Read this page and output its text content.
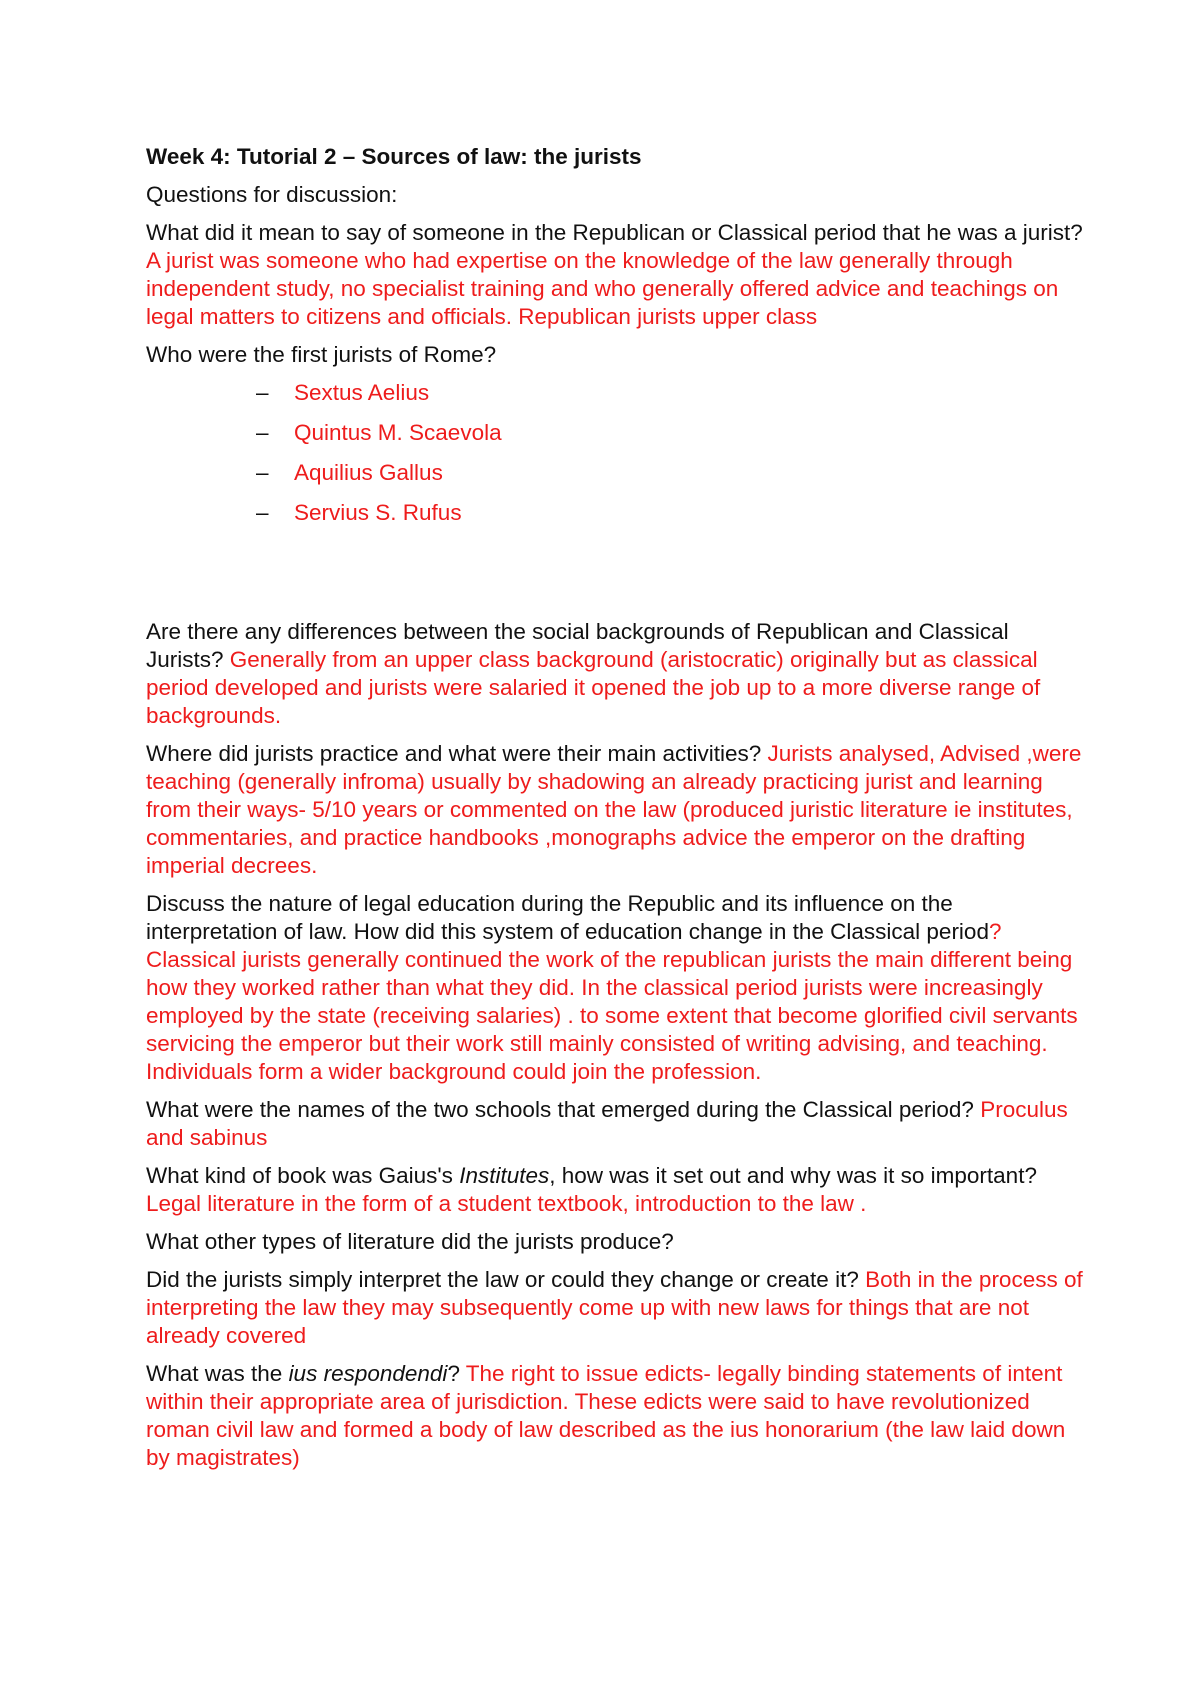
Week 4: Tutorial 2 – Sources of law: the jurists

Questions for discussion:

What did it mean to say of someone in the Republican or Classical period that he was a jurist? A jurist was someone who had expertise on the knowledge of the law generally through independent study, no specialist training and who generally offered advice and teachings on legal matters to citizens and officials. Republican jurists upper class

Who were the first jurists of Rome?

–	Sextus Aelius
–	Quintus M. Scaevola
–	Aquilius Gallus
–	Servius S. Rufus

Are there any differences between the social backgrounds of Republican and Classical Jurists? Generally from an upper class background (aristocratic) originally but as classical period developed and jurists were salaried it opened the job up to a more diverse range of backgrounds.

Where did jurists practice and what were their main activities? Jurists analysed, Advised ,were teaching (generally infroma) usually by shadowing an already practicing jurist and learning from their ways- 5/10 years or commented on the law (produced juristic literature ie institutes, commentaries, and practice handbooks ,monographs advice the emperor on the drafting imperial decrees.

Discuss the nature of legal education during the Republic and its influence on the interpretation of law. How did this system of education change in the Classical period? Classical jurists generally continued the work of the republican jurists the main different being how they worked rather than what they did. In the classical period jurists were increasingly employed by the state (receiving salaries) . to some extent that become glorified civil servants servicing the emperor but their work still mainly consisted of writing advising, and teaching. Individuals form a wider background could join the profession.

What were the names of the two schools that emerged during the Classical period? Proculus and sabinus

What kind of book was Gaius's Institutes, how was it set out and why was it so important? Legal literature in the form of a student textbook, introduction to the law .

What other types of literature did the jurists produce?

Did the jurists simply interpret the law or could they change or create it? Both in the process of interpreting the law they may subsequently come up with new laws for things that are not already covered

What was the ius respondendi? The right to issue edicts- legally binding statements of intent within their appropriate area of jurisdiction. These edicts were said to have revolutionized roman civil law and formed a body of law described as the ius honorarium (the law laid down by magistrates)
